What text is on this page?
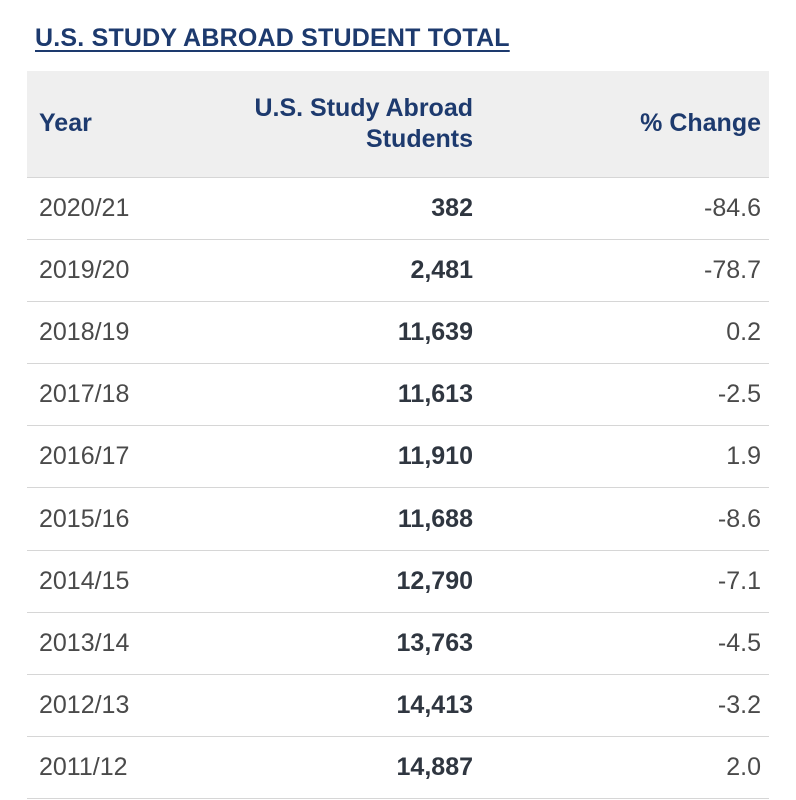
U.S. STUDY ABROAD STUDENT TOTAL
Year	U.S. Study Abroad Students	% Change
2020/21	382	-84.6
2019/20	2,481	-78.7
2018/19	11,639	0.2
2017/18	11,613	-2.5
2016/17	11,910	1.9
2015/16	11,688	-8.6
2014/15	12,790	-7.1
2013/14	13,763	-4.5
2012/13	14,413	-3.2
2011/12	14,887	2.0
